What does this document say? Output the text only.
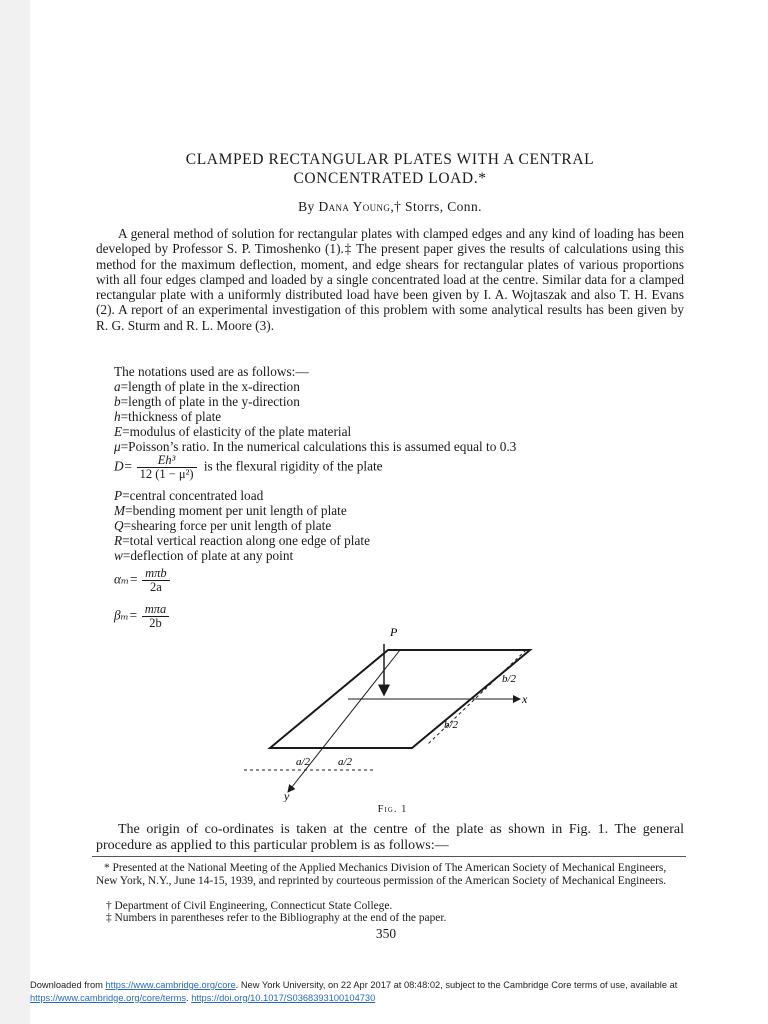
CLAMPED RECTANGULAR PLATES WITH A CENTRAL

CONCENTRATED LOAD.*

By Dana Young,† Storrs, Conn.

A general method of solution for rectangular plates with clamped edges and any kind of loading has been developed by Professor S. P. Timoshenko (1).‡ The present paper gives the results of calculations using this method for the maximum deflection, moment, and edge shears for rectangular plates of various proportions with all four edges clamped and loaded by a single concentrated load at the centre. Similar data for a clamped rectangular plate with a uniformly distributed load have been given by I. A. Wojtaszak and also T. H. Evans (2). A report of an experimental investigation of this problem with some analytical results has been given by R. G. Sturm and R. L. Moore (3).

The notations used are as follows:—
a=length of plate in the x-direction
b=length of plate in the y-direction
h=thickness of plate
E=modulus of elasticity of the plate material
μ=Poisson’s ratio. In the numerical calculations this is assumed equal to 0.3
$D= \frac{\text{Eh³}}{\text{12 (1 − μ²)}}$ is the flexural rigidity of the plate
P=central concentrated load
M=bending moment per unit length of plate
Q=shearing force per unit length of plate
R=total vertical reaction along one edge of plate
w=deflection of plate at any point
$\alpha_m= \frac{\text{mπb}}{2a}$
$\beta_m= \frac{\text{mπa}}{2b}$
P
x
y
a/2	a/2
b/2
b/2

Fig. 1

The origin of co-ordinates is taken at the centre of the plate as shown in Fig. 1. The general procedure as applied to this particular problem is as follows:—

* Presented at the National Meeting of the Applied Mechanics Division of The American Society of Mechanical Engineers, New York, N.Y., June 14-15, 1939, and reprinted by courteous permission of the American Society of Mechanical Engineers.

† Department of Civil Engineering, Connecticut State College.

‡ Numbers in parentheses refer to the Bibliography at the end of the paper.

350

Downloaded from https://www.cambridge.org/core. New York University, on 22 Apr 2017 at 08:48:02, subject to the Cambridge Core terms of use, available at https://www.cambridge.org/core/terms. https://doi.org/10.1017/S0368393100104730
